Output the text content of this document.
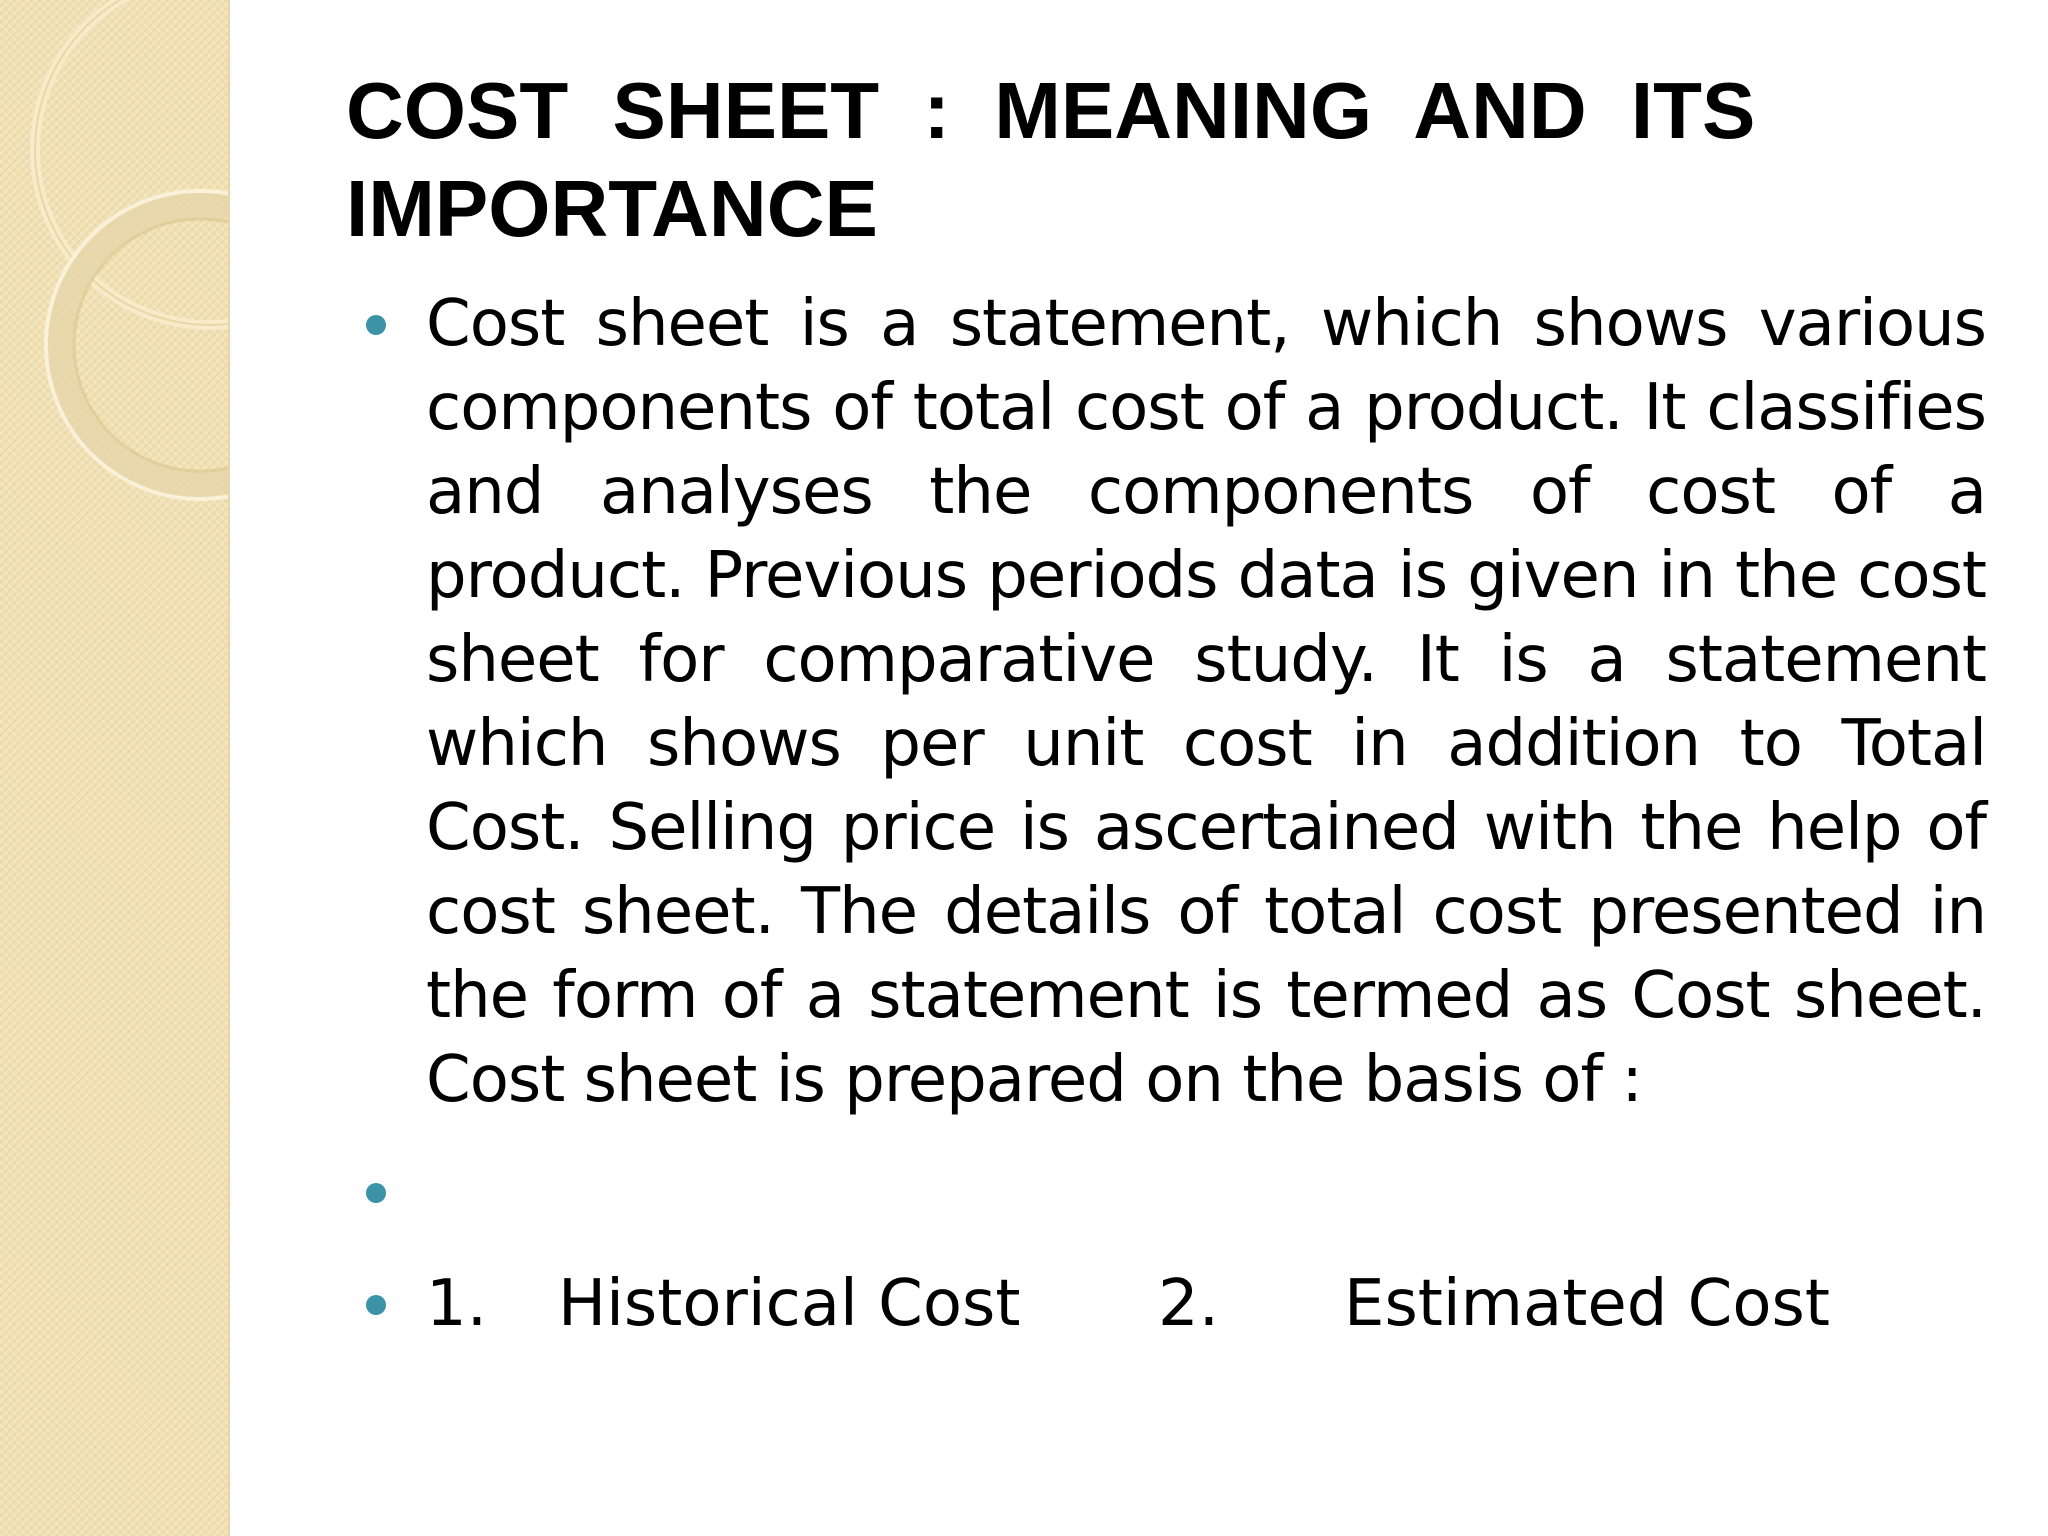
COST SHEET : MEANING AND ITS IMPORTANCE
Cost sheet is a statement, which shows various components of total cost of a product. It classifies and analyses the components of cost of a product. Previous periods data is given in the cost sheet for comparative study. It is a statement which shows per unit cost in addition to Total Cost. Selling price is ascertained with the help of cost sheet. The details of total cost presented in the form of a statement is termed as Cost sheet. Cost sheet is prepared on the basis of :
1. Historical Cost 2. Estimated Cost
